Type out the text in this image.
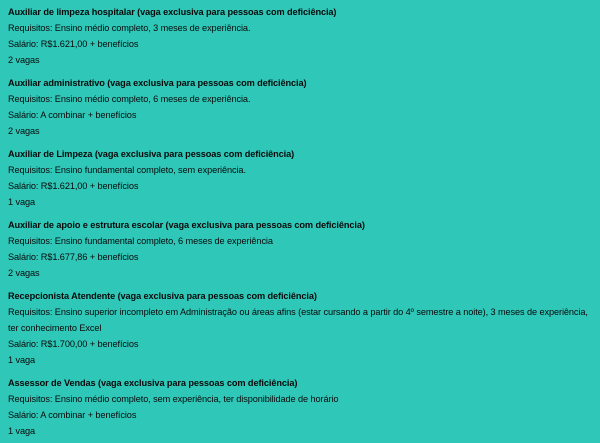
Auxiliar de limpeza hospitalar (vaga exclusiva para pessoas com deficiência)

Requisitos: Ensino médio completo, 3 meses de experiência.

Salário: R$1.621,00 + benefícios

2 vagas

Auxiliar administrativo (vaga exclusiva para pessoas com deficiência)

Requisitos: Ensino médio completo, 6 meses de experiência.

Salário: A combinar + benefícios

2 vagas

Auxiliar de Limpeza (vaga exclusiva para pessoas com deficiência)

Requisitos: Ensino fundamental completo, sem experiência.

Salário: R$1.621,00 + benefícios

1 vaga

Auxiliar de apoio e estrutura escolar (vaga exclusiva para pessoas com deficiência)

Requisitos: Ensino fundamental completo, 6 meses de experiência

Salário: R$1.677,86 + benefícios

2 vagas

Recepcionista Atendente (vaga exclusiva para pessoas com deficiência)

Requisitos: Ensino superior incompleto em Administração ou áreas afins (estar cursando a partir do 4º semestre a noite), 3 meses de experiência, ter conhecimento Excel

Salário: R$1.700,00 + benefícios

1 vaga

Assessor de Vendas (vaga exclusiva para pessoas com deficiência)

Requisitos: Ensino médio completo, sem experiência, ter disponibilidade de horário

Salário: A combinar + benefícios

1 vaga
